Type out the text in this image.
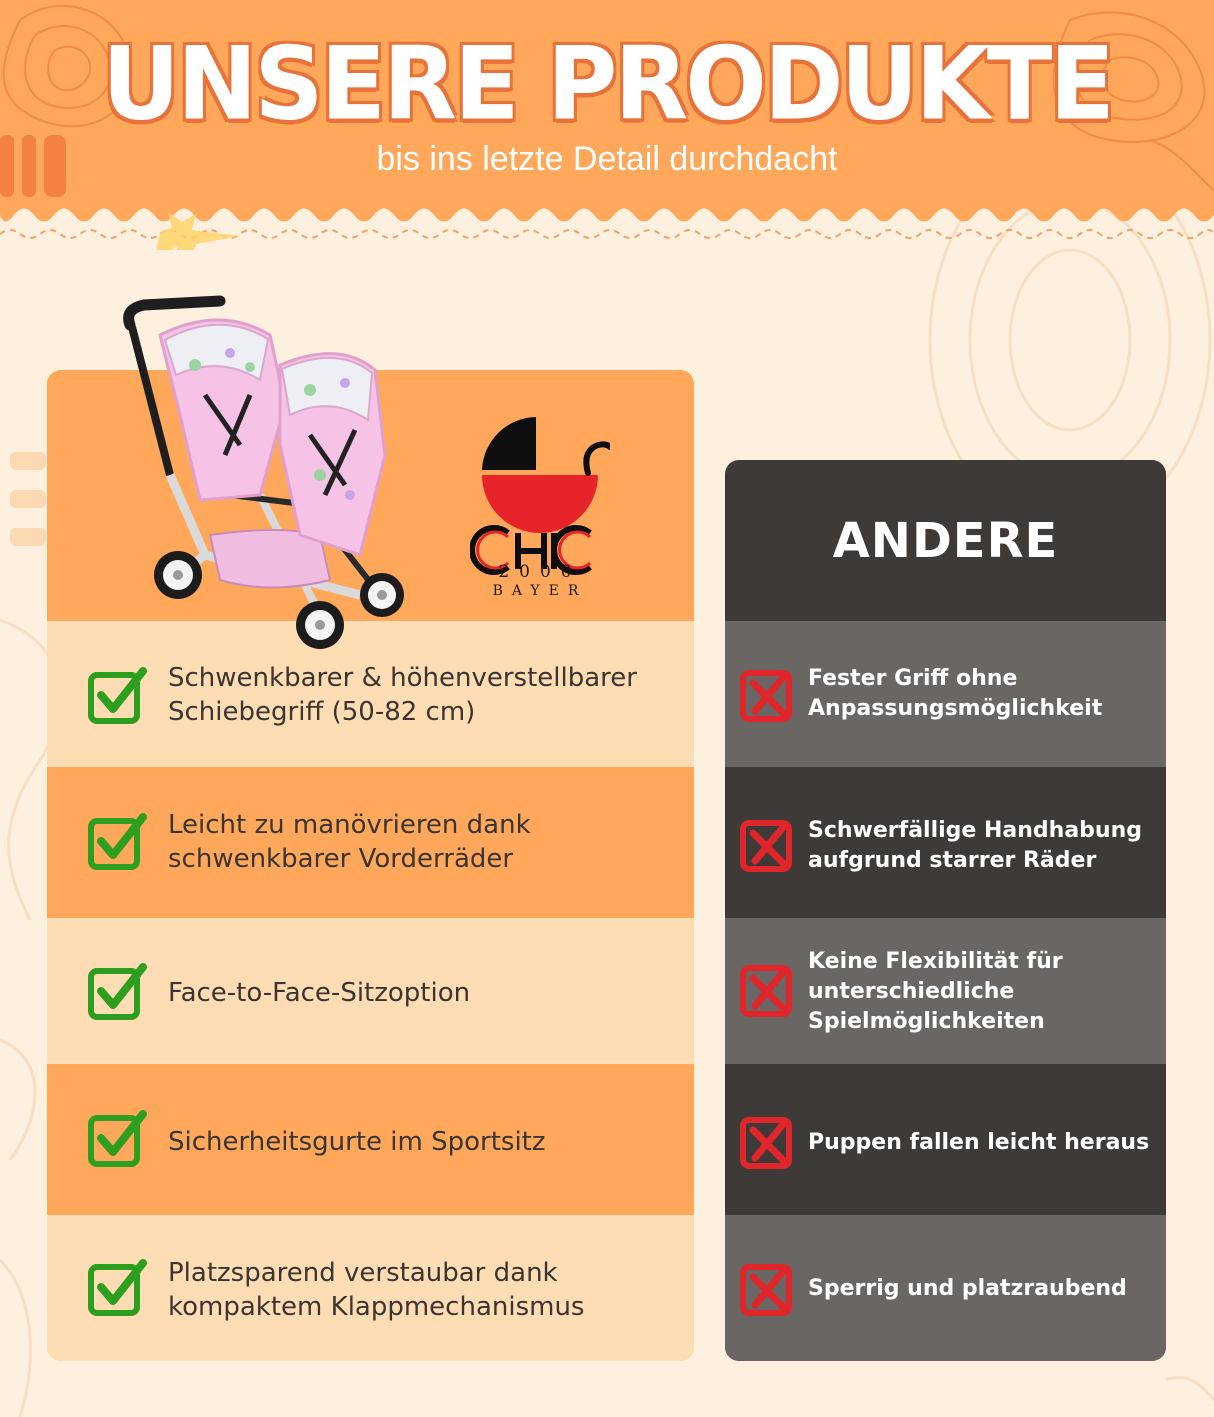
UNSERE PRODUKTE
bis ins letzte Detail durchdacht
Schwenkbarer & höhenverstellbarer Schiebegriff (50-82 cm)
Leicht zu manövrieren dank schwenkbarer Vorderräder
Face-to-Face-Sitzoption
Sicherheitsgurte im Sportsitz
Platzsparend verstaubar dank kompaktem Klappmechanismus
2000
BAYER
ANDERE
Fester Griff ohne Anpassungsmöglichkeit
Schwerfällige Handhabung aufgrund starrer Räder
Keine Flexibilität für unterschiedliche Spielmöglichkeiten
Puppen fallen leicht heraus
Sperrig und platzraubend
